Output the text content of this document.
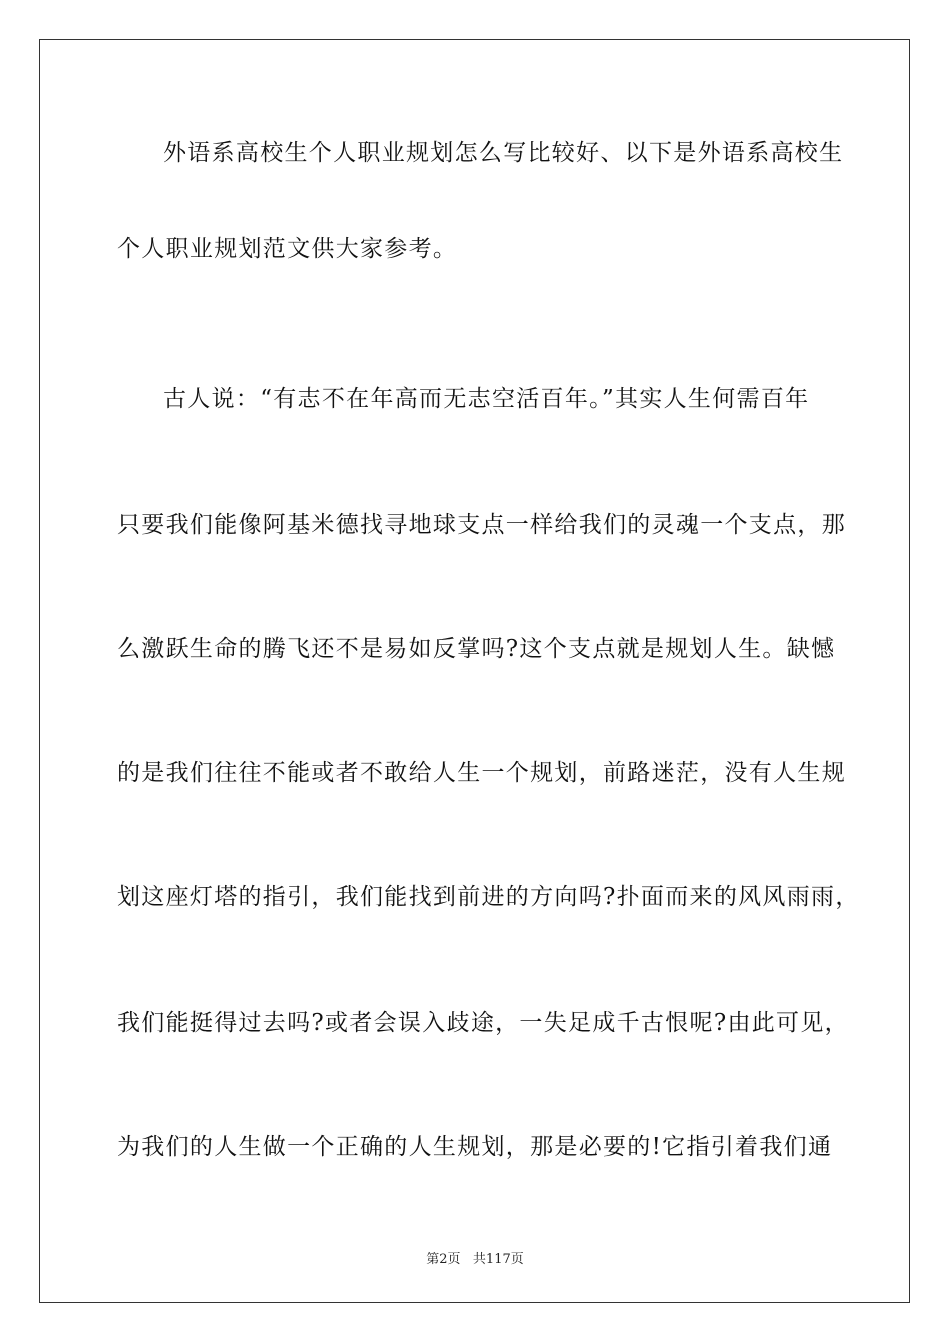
外语系高校生个人职业规划怎么写比较好、以下是外语系高校生
个人职业规划范文供大家参考。
古人说：“有志不在年高而无志空活百年。”其实人生何需百年
只要我们能像阿基米德找寻地球支点一样给我们的灵魂一个支点，那
么激跃生命的腾飞还不是易如反掌吗?这个支点就是规划人生。缺憾
的是我们往往不能或者不敢给人生一个规划，前路迷茫，没有人生规
划这座灯塔的指引，我们能找到前进的方向吗?扑面而来的风风雨雨，
我们能挺得过去吗?或者会误入歧途，一失足成千古恨呢?由此可见，
为我们的人生做一个正确的人生规划，那是必要的!它指引着我们通
第2页 共117页
